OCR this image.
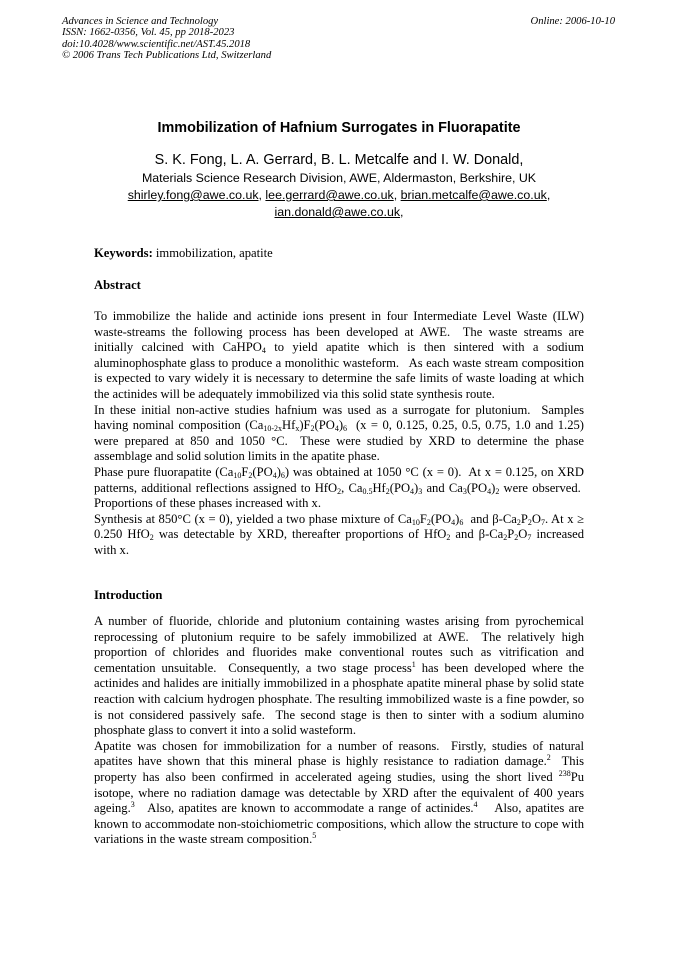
Advances in Science and Technology
ISSN: 1662-0356, Vol. 45, pp 2018-2023
doi:10.4028/www.scientific.net/AST.45.2018
© 2006 Trans Tech Publications Ltd, Switzerland
Online: 2006-10-10
Immobilization of Hafnium Surrogates in Fluorapatite
S. K. Fong, L. A. Gerrard, B. L. Metcalfe and I. W. Donald,
Materials Science Research Division, AWE, Aldermaston, Berkshire, UK
shirley.fong@awe.co.uk, lee.gerrard@awe.co.uk, brian.metcalfe@awe.co.uk,
ian.donald@awe.co.uk,
Keywords: immobilization, apatite
Abstract

To immobilize the halide and actinide ions present in four Intermediate Level Waste (ILW) waste-streams the following process has been developed at AWE.  The waste streams are initially calcined with CaHPO$_4$ to yield apatite which is then sintered with a sodium aluminophosphate glass to produce a monolithic wasteform.   As each waste stream composition is expected to vary widely it is necessary to determine the safe limits of waste loading at which the actinides will be adequately immobilized via this solid state synthesis route.

In these initial non-active studies hafnium was used as a surrogate for plutonium.  Samples having nominal composition $(Ca_{10-2x}Hf_x)F_2(PO_4)_6$  (x = 0, 0.125, 0.25, 0.5, 0.75, 1.0 and 1.25) were prepared at 850 and 1050 °C.  These were studied by XRD to determine the phase assemblage and solid solution limits in the apatite phase.

Phase pure fluorapatite $(Ca_{10}F_2(PO_4)_6)$ was obtained at 1050 °C (x = 0).  At x = 0.125, on XRD patterns, additional reflections assigned to HfO$_2$, $Ca_{0.5}Hf_2(PO_4)_3$ and $Ca_3(PO_4)_2$ were observed.  Proportions of these phases increased with x.

Synthesis at 850°C (x = 0), yielded a two phase mixture of $Ca_{10}F_2(PO_4)_6$  and $\beta-Ca_2P_2O_7$. At x ≥ 0.250 HfO$_2$ was detectable by XRD, thereafter proportions of HfO$_2$ and $\beta-Ca_2P_2O_7$ increased with x.

Introduction

A number of fluoride, chloride and plutonium containing wastes arising from pyrochemical reprocessing of plutonium require to be safely immobilized at AWE.  The relatively high proportion of chlorides and fluorides make conventional routes such as vitrification and cementation unsuitable.  Consequently, a two stage process$^1$ has been developed where the actinides and halides are initially immobilized in a phosphate apatite mineral phase by solid state reaction with calcium hydrogen phosphate. The resulting immobilized waste is a fine powder, so is not considered passively safe.  The second stage is then to sinter with a sodium alumino phosphate glass to convert it into a solid wasteform.

Apatite was chosen for immobilization for a number of reasons.  Firstly, studies of natural apatites have shown that this mineral phase is highly resistance to radiation damage.$^2$  This property has also been confirmed in accelerated ageing studies, using the short lived $^{238}$Pu isotope, where no radiation damage was detectable by XRD after the equivalent of 400 years ageing.$^3$   Also, apatites are known to accommodate a range of actinides.$^4$    Also, apatites are known to accommodate non-stoichiometric compositions, which allow the structure to cope with variations in the waste stream composition.$^5$
